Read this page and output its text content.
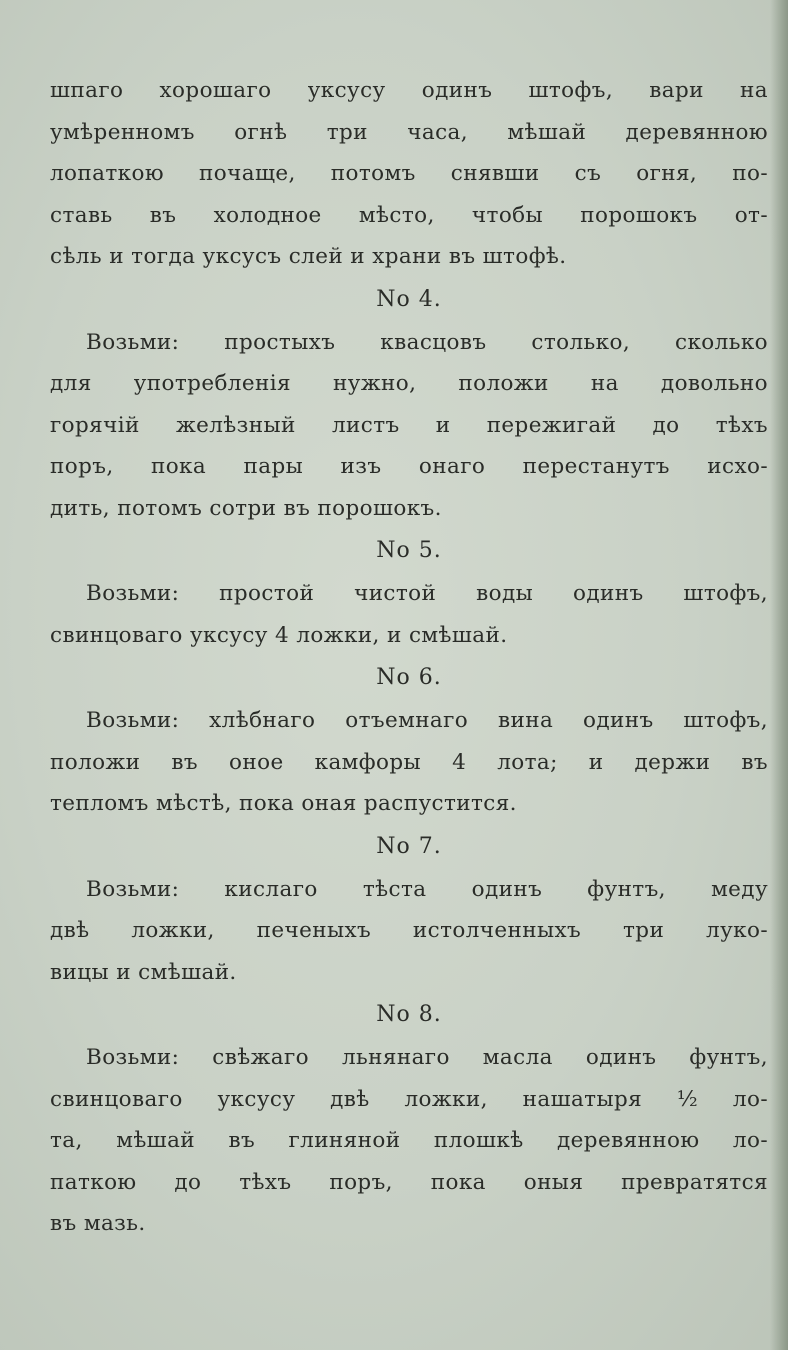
шпаго хорошаго уксусу одинъ штофъ, вари на
умѣренномъ огнѣ три часа, мѣшай деревянною
лопаткою почаще, потомъ снявши съ огня, по-
ставь въ холодное мѣсто, чтобы порошокъ от-
сѣль и тогда уксусъ слей и храни въ штофѣ.
No 4.
Возьми: простыхъ квасцовъ столько, сколько
для употребленія нужно, положи на довольно
горячій желѣзный листъ и пережигай до тѣхъ
поръ, пока пары изъ онаго перестанутъ исхо-
дить, потомъ сотри въ порошокъ.
No 5.
Возьми: простой чистой воды одинъ штофъ,
свинцоваго уксусу 4 ложки, и смѣшай.
No 6.
Возьми: хлѣбнаго отъемнаго вина одинъ штофъ,
положи въ оное камфоры 4 лота; и держи въ
тепломъ мѣстѣ, пока оная распустится.
No 7.
Возьми: кислаго тѣста одинъ фунтъ, меду
двѣ ложки, печеныхъ истолченныхъ три луко-
вицы и смѣшай.
No 8.
Возьми: свѣжаго льнянаго масла одинъ фунтъ,
свинцоваго уксусу двѣ ложки, нашатыря ½ ло-
та, мѣшай въ глиняной плошкѣ деревянною ло-
паткою до тѣхъ поръ, пока оныя превратятся
въ мазь.
